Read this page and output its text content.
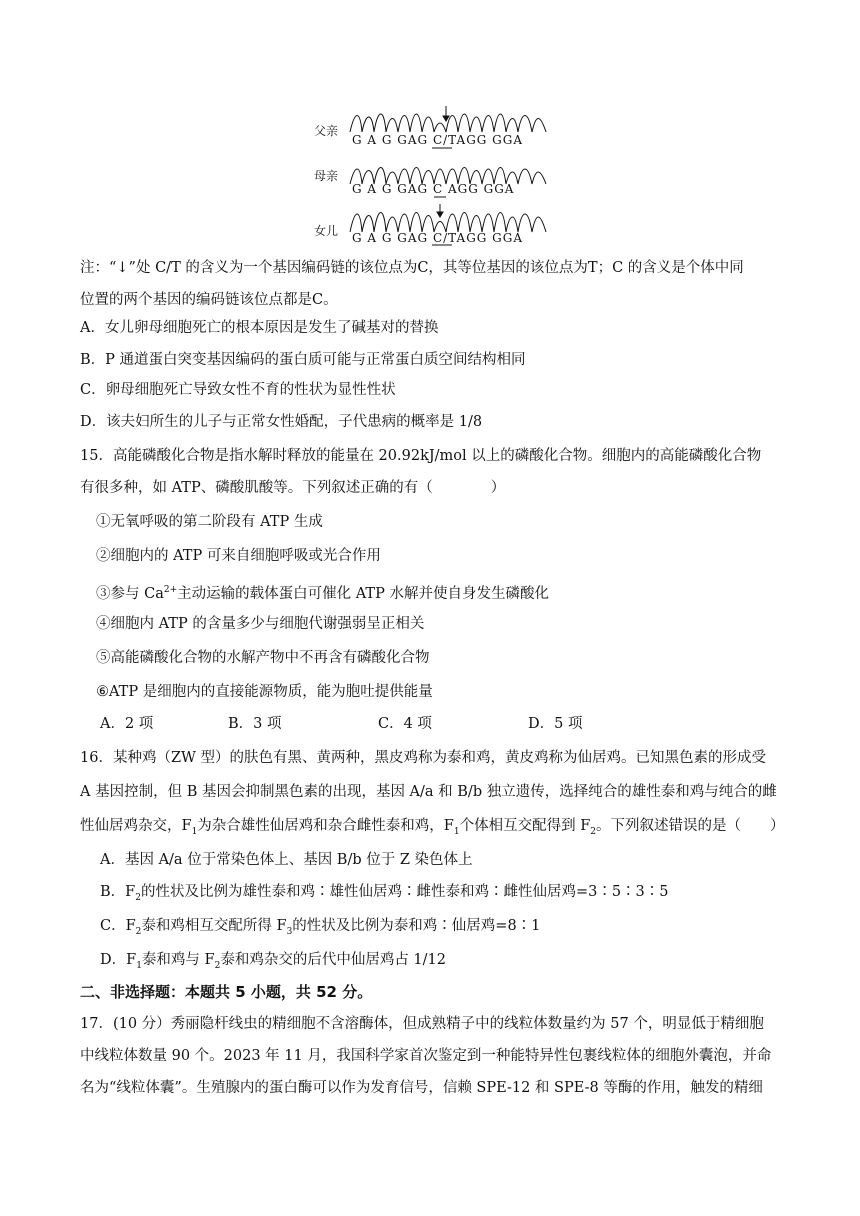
父亲
G A G GAG C/TAGG GGA
母亲
G A G GAG C AGG GGA
女儿 G A G GAG C/TAGG GGA
注：“↓”处 C/T 的含义为一个基因编码链的该位点为C，其等位基因的该位点为T；C 的含义是个体中同
位置的两个基因的编码链该位点都是C。
A．女儿卵母细胞死亡的根本原因是发生了碱基对的替换
B．P 通道蛋白突变基因编码的蛋白质可能与正常蛋白质空间结构相同
C．卵母细胞死亡导致女性不育的性状为显性性状
D．该夫妇所生的儿子与正常女性婚配，子代患病的概率是 1/8
15．高能磷酸化合物是指水解时释放的能量在 20.92kJ/mol 以上的磷酸化合物。细胞内的高能磷酸化合物
有很多种，如 ATP、磷酸肌酸等。下列叙述正确的有（　　　　）
①无氧呼吸的第二阶段有 ATP 生成
②细胞内的 ATP 可来自细胞呼吸或光合作用
③参与 $Ca^{2+}$主动运输的载体蛋白可催化 ATP 水解并使自身发生磷酸化
④细胞内 ATP 的含量多少与细胞代谢强弱呈正相关
⑤高能磷酸化合物的水解产物中不再含有磷酸化合物
⑥ATP 是细胞内的直接能源物质，能为胞吐提供能量
A．2 项	B．3 项	C．4 项	D．5 项
16．某种鸡（ZW 型）的肤色有黑、黄两种，黑皮鸡称为泰和鸡，黄皮鸡称为仙居鸡。已知黑色素的形成受
A 基因控制，但 B 基因会抑制黑色素的出现，基因 A/a 和 B/b 独立遗传，选择纯合的雄性泰和鸡与纯合的雌
性仙居鸡杂交，$F_1$为杂合雄性仙居鸡和杂合雌性泰和鸡，$F_1$个体相互交配得到 $F_2$。下列叙述错误的是（　　）
A．基因 A/a 位于常染色体上、基因 B/b 位于 Z 染色体上
B．$F_2$的性状及比例为雄性泰和鸡∶雄性仙居鸡∶雌性泰和鸡∶雌性仙居鸡=3∶5∶3∶5
C．$F_2$泰和鸡相互交配所得 $F_3$的性状及比例为泰和鸡∶仙居鸡=8∶1
D．$F_1$泰和鸡与 $F_2$泰和鸡杂交的后代中仙居鸡占 1/12
二、非选择题：本题共 5 小题，共 52 分。
17．(10 分）秀丽隐杆线虫的精细胞不含溶酶体，但成熟精子中的线粒体数量约为 57 个，明显低于精细胞
中线粒体数量 90 个。2023 年 11 月，我国科学家首次鉴定到一种能特异性包裹线粒体的细胞外囊泡，并命
名为“线粒体囊”。生殖腺内的蛋白酶可以作为发育信号，信赖 SPE-12 和 SPE-8 等酶的作用，触发的精细
